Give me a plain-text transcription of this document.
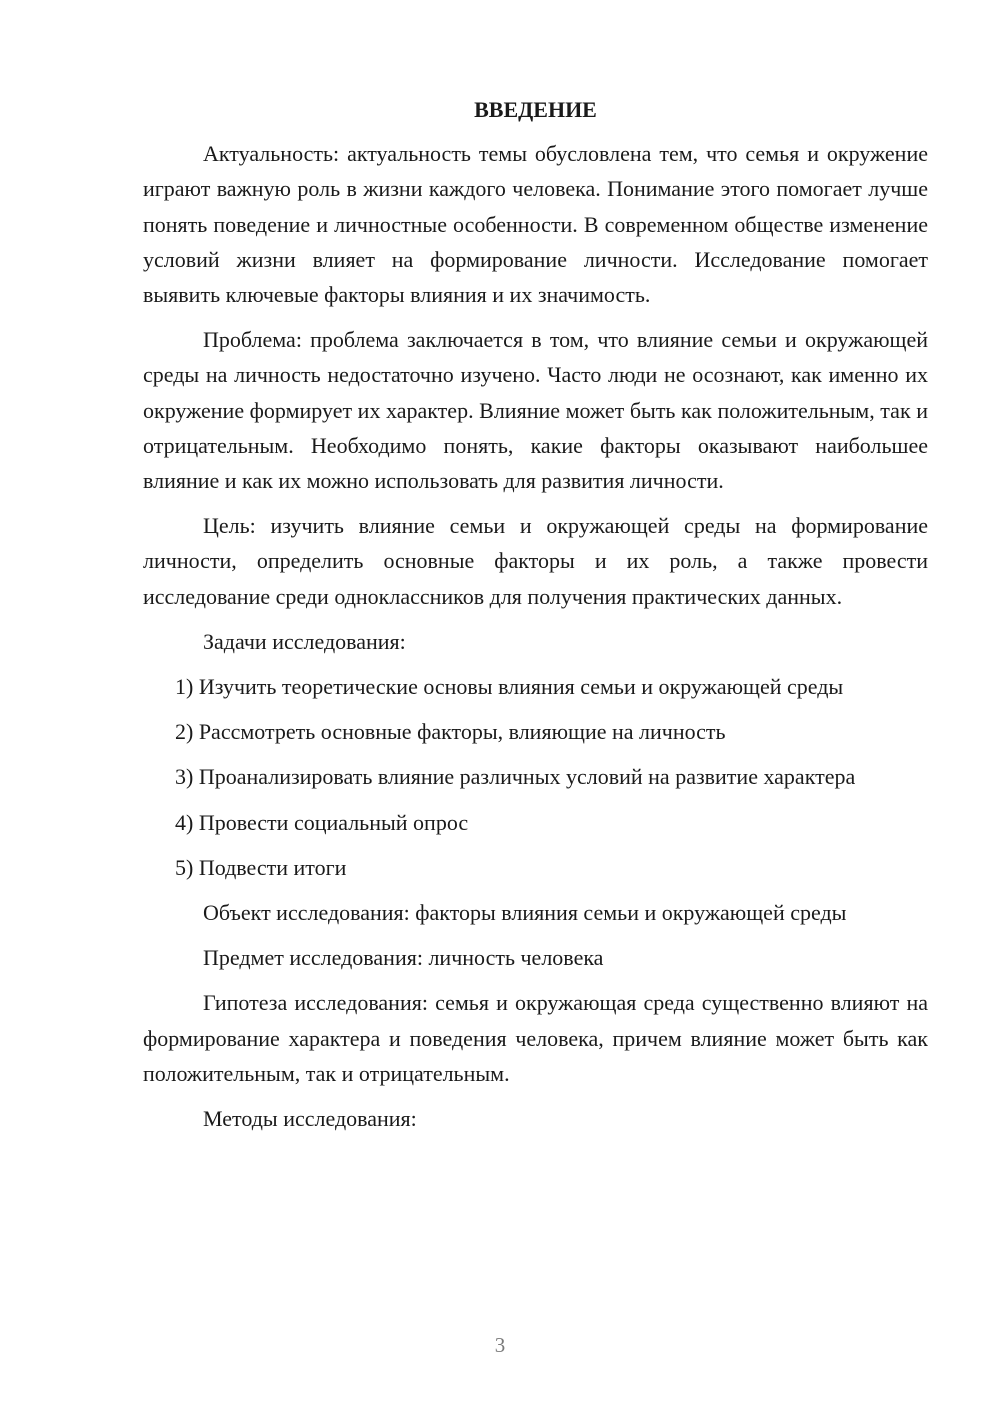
ВВЕДЕНИЕ

Актуальность: актуальность темы обусловлена тем, что семья и окружение играют важную роль в жизни каждого человека. Понимание этого помогает лучше понять поведение и личностные особенности. В современном обществе изменение условий жизни влияет на формирование личности. Исследование помогает выявить ключевые факторы влияния и их значимость.

Проблема: проблема заключается в том, что влияние семьи и окружающей среды на личность недостаточно изучено. Часто люди не осознают, как именно их окружение формирует их характер. Влияние может быть как положительным, так и отрицательным. Необходимо понять, какие факторы оказывают наибольшее влияние и как их можно использовать для развития личности.

Цель: изучить влияние семьи и окружающей среды на формирование личности, определить основные факторы и их роль, а также провести исследование среди одноклассников для получения практических данных.

Задачи исследования:

1) Изучить теоретические основы влияния семьи и окружающей среды

2) Рассмотреть основные факторы, влияющие на личность

3) Проанализировать влияние различных условий на развитие характера

4) Провести социальный опрос

5) Подвести итоги

Объект исследования: факторы влияния семьи и окружающей среды

Предмет исследования: личность человека

Гипотеза исследования: семья и окружающая среда существенно влияют на формирование характера и поведения человека, причем влияние может быть как положительным, так и отрицательным.

Методы исследования:

3
